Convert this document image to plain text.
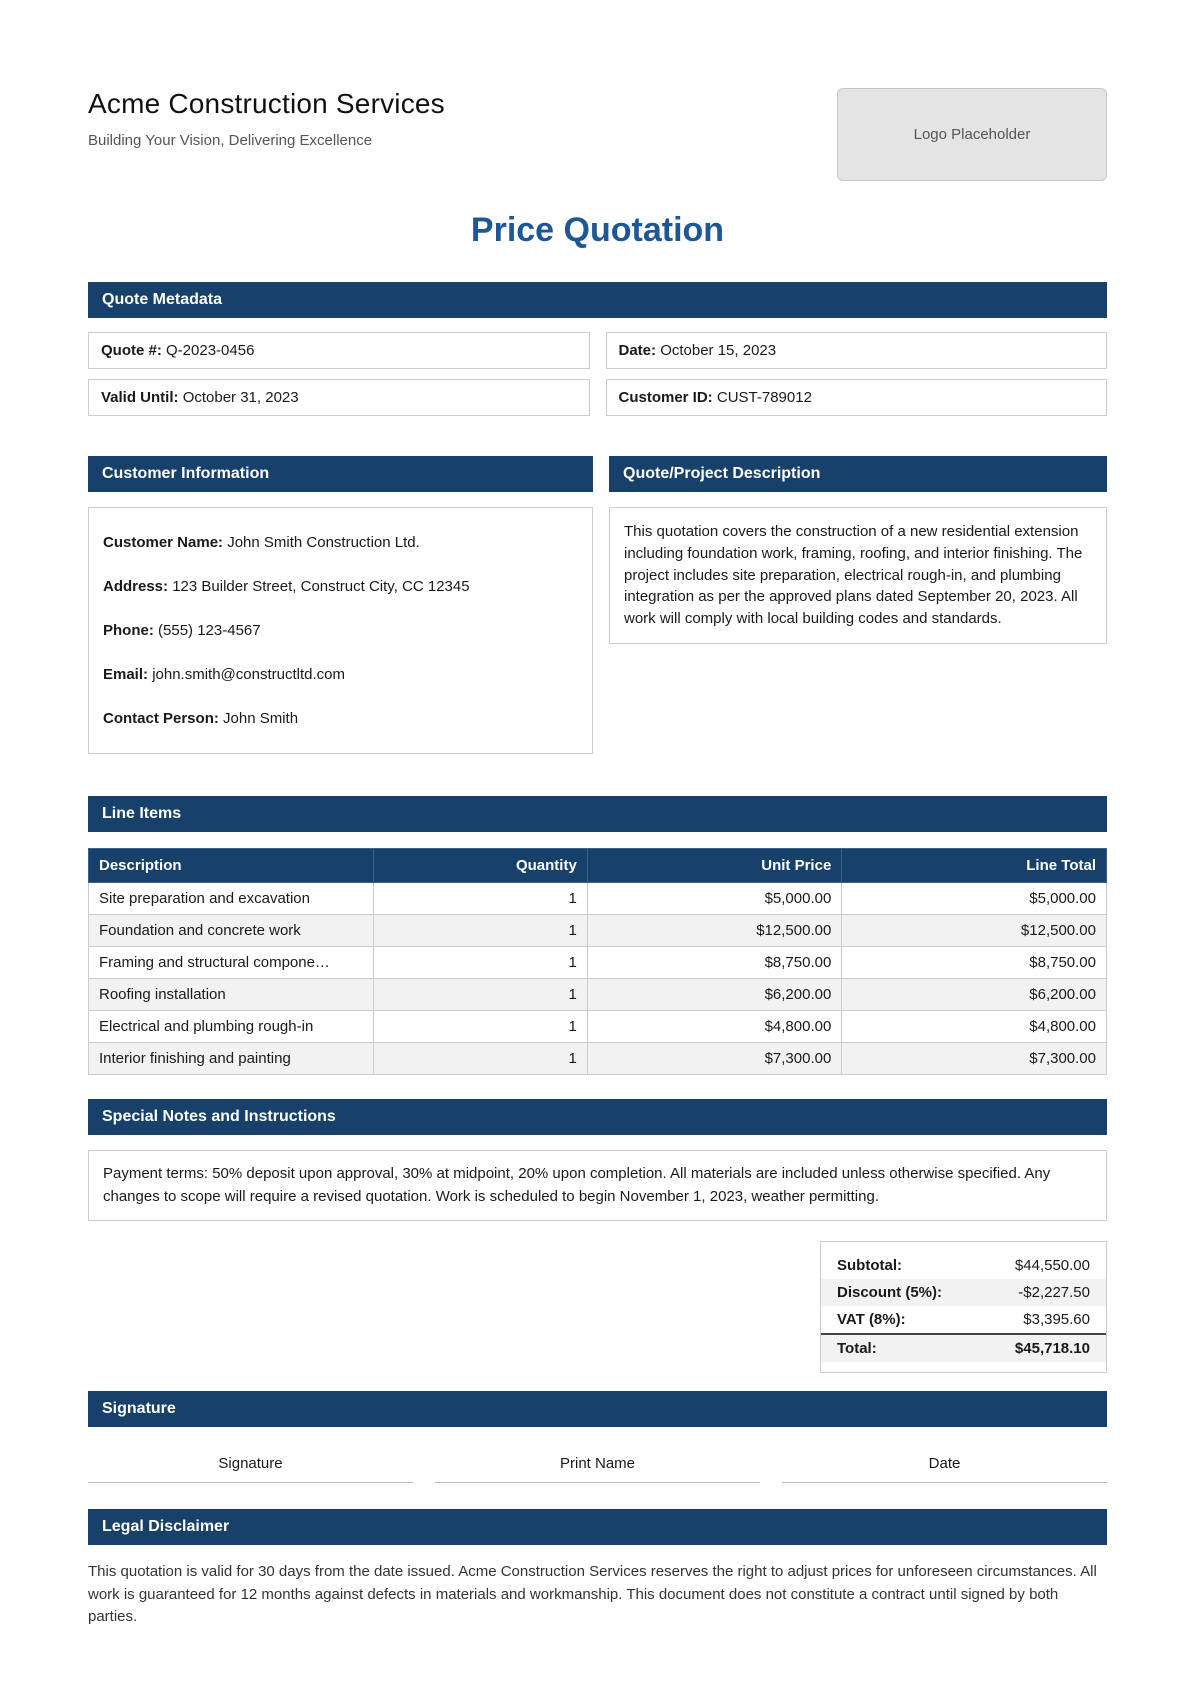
Acme Construction Services
Building Your Vision, Delivering Excellence	Logo Placeholder
Price Quotation
Quote Metadata
Quote #: Q-2023-0456	Date: October 15, 2023
Valid Until: October 31, 2023	Customer ID: CUST-789012
Customer Information

Customer Name: John Smith Construction Ltd.

Address: 123 Builder Street, Construct City, CC 12345

Phone: (555) 123-4567

Email: john.smith@constructltd.com

Contact Person: John Smith

Quote/Project Description
This quotation covers the construction of a new residential extension including foundation work, framing, roofing, and interior finishing. The project includes site preparation, electrical rough-in, and plumbing integration as per the approved plans dated September 20, 2023. All work will comply with local building codes and standards.
Line Items
Description	Quantity	Unit Price	Line Total
Site preparation and excavation	1	$5,000.00	$5,000.00
Foundation and concrete work	1	$12,500.00	$12,500.00
Framing and structural compone…	1	$8,750.00	$8,750.00
Roofing installation	1	$6,200.00	$6,200.00
Electrical and plumbing rough-in	1	$4,800.00	$4,800.00
Interior finishing and painting	1	$7,300.00	$7,300.00
Special Notes and Instructions
Payment terms: 50% deposit upon approval, 30% at midpoint, 20% upon completion. All materials are included unless otherwise specified. Any changes to scope will require a revised quotation. Work is scheduled to begin November 1, 2023, weather permitting.
Subtotal:	$44,550.00
Discount (5%):	-$2,227.50
VAT (8%):	$3,395.60
Total:	$45,718.10
Signature
Signature	Print Name	Date
Legal Disclaimer
This quotation is valid for 30 days from the date issued. Acme Construction Services reserves the right to adjust prices for unforeseen circumstances. All work is guaranteed for 12 months against defects in materials and workmanship. This document does not constitute a contract until signed by both parties.
